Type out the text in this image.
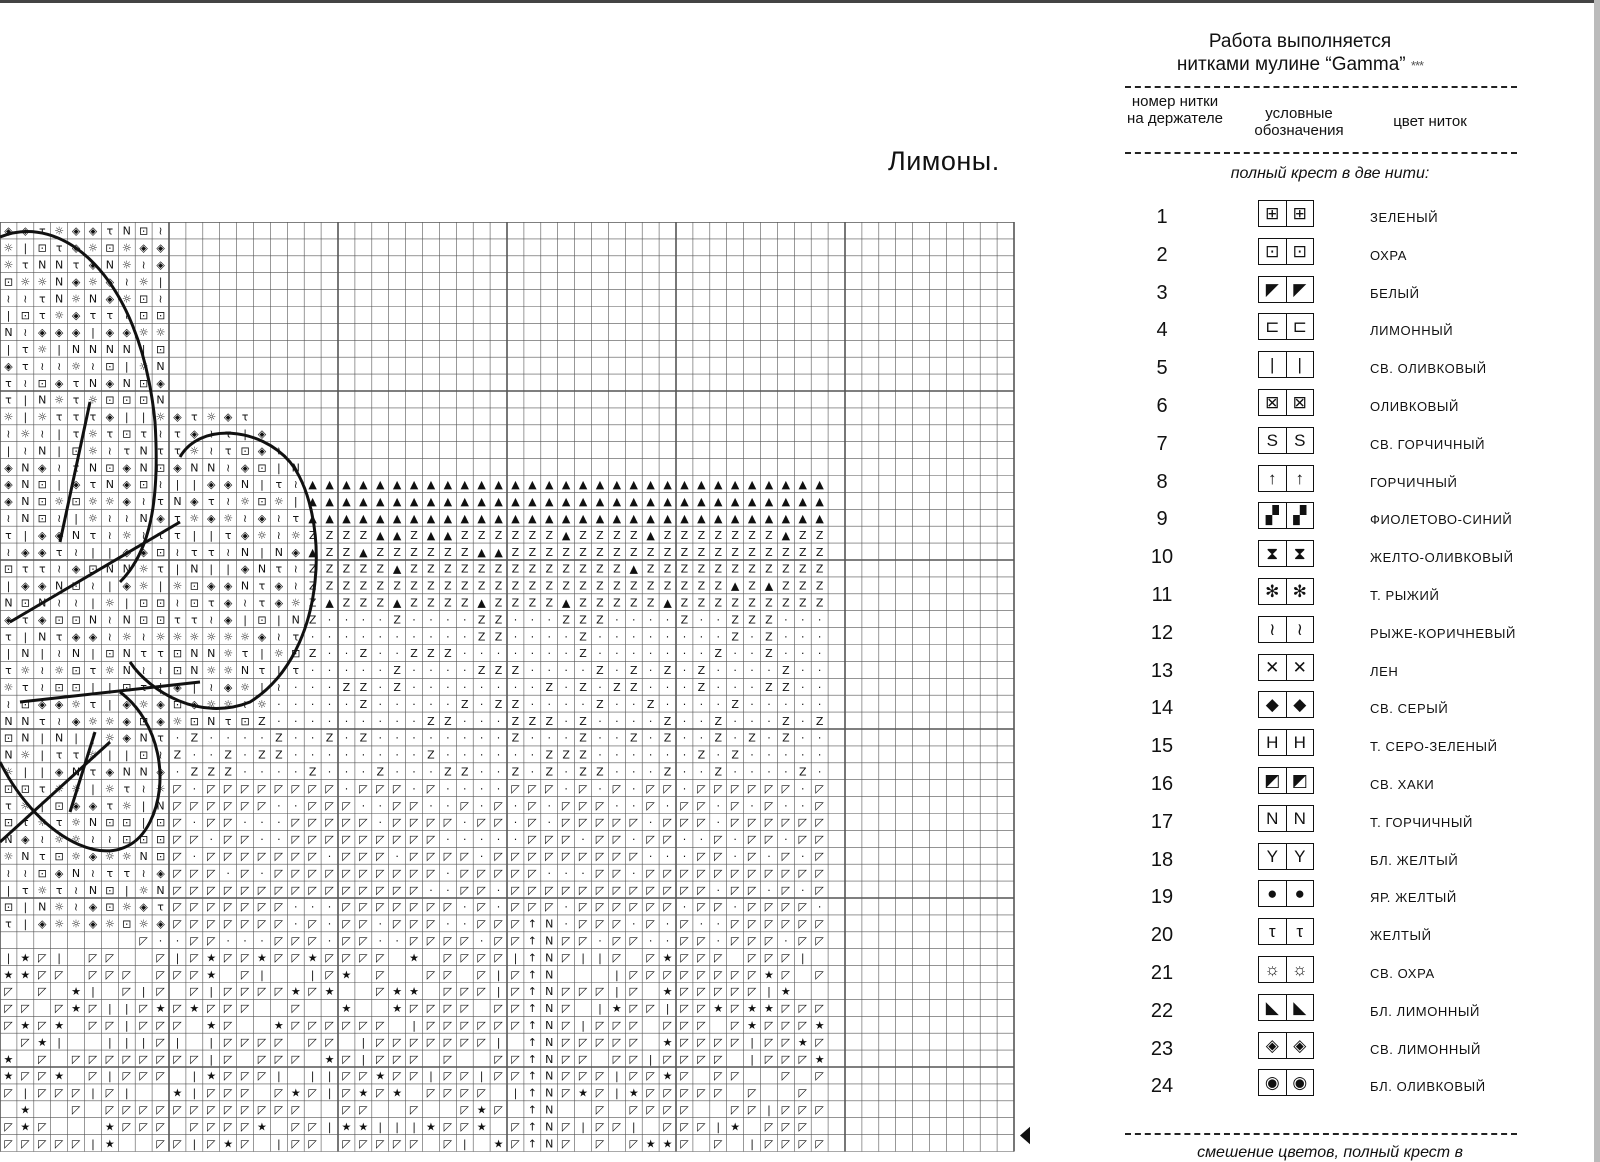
Лимоны.
◈ ◈ τ ☼ ◈ ◈ τ N ⊡ ≀
☼ | ⊡ τ ◈ ☼ ⊡ ☼ ◈ ◈
☼ τ N N τ ◈ N ☼ ≀ ◈
⊡ ☼ ☼ N ◈ ☼ ◈ ≀ ☼ |
≀ ≀ τ N ☼ N ◈ ☼ ⊡ ≀
| ⊡ τ ☼ ◈ τ τ ≀ ⊡ ⊡
N ≀ ◈ ◈ ◈ | ◈ ◈ ☼ ☼
| τ ☼ | N N N N | ⊡
◈ τ ≀ ≀ ☼ ≀ ⊡ | ☼ N
τ ≀ ⊡ ◈ τ N ◈ N ⊡ ◈
τ | N ☼ τ ☼ ⊡ ⊡ ⊡ N
☼ | ☼ τ τ τ ◈ | | ☼ ◈ τ ☼ ◈ τ
≀ ☼ ≀ | τ ☼ τ ⊡ τ ≀ τ ◈ ≀ τ | ◈
| ≀ N | ⊡ ☼ ≀ τ N τ τ ☼ ≀ τ ⊡ ◈ ≀
◈ N ◈ ≀ τ N ⊡ ◈ N ⊡ ◈ N N ≀ ◈ ⊡ | N
◈ N ⊡ | ◈ τ N ◈ ⊡ ≀ | | ◈ ◈ N | τ ≀ ▲ ▲ ▲ ▲ ▲ ▲ ▲ ▲ ▲ ▲ ▲ ▲ ▲ ▲ ▲ ▲ ▲ ▲ ▲ ▲ ▲ ▲ ▲ ▲ ▲ ▲ ▲ ▲ ▲ ▲ ▲
◈ N ⊡ ☼ ⊡ ☼ ☼ ◈ ≀ τ N ◈ τ ≀ ☼ ⊡ ☼ | ▲ ▲ ▲ ▲ ▲ ▲ ▲ ▲ ▲ ▲ ▲ ▲ ▲ ▲ ▲ ▲ ▲ ▲ ▲ ▲ ▲ ▲ ▲ ▲ ▲ ▲ ▲ ▲ ▲ ▲ ▲
≀ N ⊡ ≀ | ☼ ≀ ≀ N ◈ τ ☼ ◈ ☼ ≀ ◈ ≀ τ ▲ ▲ ▲ ▲ ▲ ▲ ▲ ▲ ▲ ▲ ▲ ▲ ▲ ▲ ▲ ▲ ▲ ▲ ▲ ▲ ▲ ▲ ▲ ▲ ▲ ▲ ▲ ▲ ▲ ▲ ▲
τ | ◈ ◈ N τ ≀ ☼ ≀ τ τ | | τ ◈ ☼ ≀ ☼ Z Z Z Z ▲ ▲ Z ▲ ▲ Z Z Z Z Z Z ▲ Z Z Z Z ▲ Z Z Z Z Z Z Z ▲ Z Z
≀ ◈ ◈ τ ≀ | | ◈ ◈ ⊡ ≀ τ τ ≀ N | N ◈ ▲ Z Z ▲ Z Z Z Z Z Z ▲ ▲ Z Z Z Z Z Z Z Z Z Z Z Z Z Z Z Z Z Z Z
⊡ τ τ ≀ ◈ ⊡ N N ☼ τ | N | | ◈ N τ ≀ Z Z Z Z Z ▲ Z Z Z Z Z Z Z Z Z Z Z Z Z ▲ Z Z Z Z Z Z Z Z Z Z Z
| ◈ ◈ N ⊡ ≀ | ◈ ☼ | ☼ ⊡ ◈ ◈ N τ ◈ ≀ Z Z Z Z Z Z Z Z Z Z Z Z Z Z Z Z Z Z Z Z Z Z Z Z Z ▲ Z ▲ Z Z Z
N ⊡ N ≀ ≀ | ☼ | ⊡ ⊡ ≀ ⊡ τ ◈ ≀ τ ◈ ☼ Z ▲ Z Z Z ▲ Z Z Z Z ▲ Z Z Z Z ▲ Z Z Z Z Z ▲ Z Z Z Z Z Z Z Z Z
◈ τ ◈ ⊡ ⊡ N ≀ N ⊡ ⊡ τ τ ≀ ◈ | ⊡ | N Z · · · · Z · · · · Z Z · · · Z Z Z · · · · Z · · Z Z Z · · ·
τ | N τ ◈ ◈ ≀ ☼ ≀ ☼ ☼ ☼ ☼ ☼ ☼ ◈ ≀ τ · · · · · · · · · · Z Z · · · · Z · · · · · · · · Z · Z · · ·
| N | ≀ N | ⊡ N τ τ ⊡ N N ☼ τ | ☼ ⊡ Z · · Z · · Z Z Z · · · · · · · Z · · · · · · · Z · · Z · · ·
τ ☼ ≀ ☼ ⊡ τ ☼ N ≀ ≀ ⊡ N ☼ ☼ N τ | τ · · · · · Z · · · · Z Z Z · · · · Z · Z · Z · Z · · · · Z · ·
☼ τ ≀ ⊡ ⊡ | | ⊡ τ | ◈ | ≀ ◈ ☼ | ≀ · · · Z Z · Z · · · · · · · · Z · Z · Z Z · · · Z · · · Z Z · ·
≀ ⊡ ◈ ◈ ☼ τ | ◈ ☼ ◈ ⊡ ◈ ☼ ☼ ≀ ☼ · · · · · Z · · · · · Z · Z Z · · · · Z · · Z · · · · Z · · · · ·
N N τ ≀ ◈ ☼ ☼ ◈ ⊡ ◈ ☼ ⊡ N τ ⊡ Z · · · · · · · · · Z Z · · · Z Z Z · Z · · · · Z · · Z · · · Z · Z
⊡ N | N | | ☼ ◈ N τ · Z · · · · Z · · Z · Z · · · · · · · · Z · · · Z · · Z · Z · · Z · Z · Z · ·
N ☼ | τ τ ☼ | | ⊡ ≀ Z · · Z · Z Z · · · · · · · · Z · · · · · · Z Z Z · · · · · · Z · Z · · · · ·
☼ | | ◈ N τ ◈ N N ◈ · Z Z Z · · · · Z · · · Z · · · Z Z · · Z · Z · Z Z · · · Z · · Z · · · · Z ·
⊡ ⊡ τ ☼ ☼ | ☼ τ ≀ ☼ ◸ · ◸ ◸ ◸ ◸ ◸ ◸ ◸ ◸ · ◸ ◸ ◸ · ◸ · · · · ◸ ◸ ◸ · ◸ · ◸ · ◸ ◸ · ◸ ◸ ◸ ◸ ◸ ◸ · ◸
τ ☼ | ⊡ ◈ ◈ τ ☼ | N ◸ ◸ ◸ ◸ ◸ ◸ · · ◸ ◸ ◸ · · ◸ ◸ · · ◸ · ◸ · ◸ · ◸ ◸ ◸ · · ◸ · ◸ ◸ · ◸ · ◸ · · ◸
⊡ τ ☼ τ ☼ N ⊡ ⊡ | ⊡ ◸ · ◸ ◸ · · · ◸ ◸ ◸ ◸ ◸ · ◸ ◸ ◸ ◸ · ◸ ◸ · ◸ · ◸ ◸ ◸ ◸ ◸ · ◸ ◸ ◸ · ◸ ◸ ◸ ◸ ◸ ◸
N ◈ ≀ ☼ ☼ ≀ ≀ ⊡ ⊡ ⊡ ◸ ◸ · ◸ ◸ · · ◸ ◸ ◸ ◸ ◸ ◸ ◸ ◸ ◸ · · · · · ◸ ◸ ◸ · ◸ ◸ · ◸ ◸ · · ◸ · ◸ ◸ · ◸ ◸
☼ N τ ⊡ ☼ ◈ ☼ ☼ N ⊡ ◸ · ◸ ◸ ◸ ◸ ◸ ◸ ◸ · ◸ ◸ ◸ · ◸ ◸ ◸ ◸ · ◸ ◸ ◸ ◸ ◸ ◸ ◸ ◸ ◸ · · · ◸ ◸ · ◸ · ◸ · ◸
≀ ≀ ⊡ ◈ N ≀ τ τ ≀ ◈ ◸ ◸ ◸ · ◸ · ◸ ◸ ◸ ◸ ◸ ◸ ◸ ◸ ◸ ◸ · ◸ ◸ ◸ ◸ ◸ · · · ◸ ◸ · ◸ ◸ ◸ ◸ ◸ ◸ ◸ ◸ ◸ ◸ ◸
| τ ☼ τ ≀ N ⊡ | ☼ N ◸ ◸ ◸ ◸ ◸ ◸ ◸ ◸ ◸ ◸ ◸ ◸ ◸ ◸ ◸ · · ◸ ◸ · ◸ ◸ ◸ ◸ ◸ ◸ ◸ ◸ ◸ ◸ ◸ ◸ · ◸ ◸ · ◸ · ◸
⊡ | N ☼ ≀ ◈ ⊡ ☼ ◈ τ ◸ ◸ ◸ ◸ ◸ ◸ ◸ · · · ◸ ◸ ◸ ◸ ◸ ◸ ◸ · ◸ · ◸ ◸ ◸ · ◸ ◸ ◸ ◸ ◸ ◸ · ◸ ◸ · ◸ ◸ ◸ ◸ ·
τ | ◈ ☼ ☼ ◈ ☼ ⊡ ☼ ◈ ◸ ◸ ◸ ◸ ◸ ◸ ◸ · ◸ · ◸ ◸ · ◸ ◸ ◸ · · ◸ ◸ ◸ ↑ N · ◸ ◸ ◸ · ◸ · ◸ · · ◸ ◸ ◸ ◸ ◸ ◸
◸ · · ◸ ◸ · · · ◸ ◸ ◸ · ◸ ◸ · · ◸ ◸ ◸ ◸ · ◸ ◸ ↑ N ◸ ◸ · ◸ ◸ · · ◸ ◸ · ◸ ◸ ◸ · ◸ ◸
| ★ ◸ |	◸ ◸	◸ | ◸ ★ ◸ ◸ ★ ◸ ◸ ★ ◸ ◸ ◸ ◸ ★ ◸ ◸ ◸ ◸ | ↑ N ◸ | | ◸ ◸ ★ ◸ ◸ ◸ ◸ ◸ ◸ |
★ ★ ◸ ◸ ◸ ◸ ◸ ◸ ◸ ◸ ★ ◸ |	| ◸ ★ ◸	◸ ◸ ◸ | ◸ ↑ N	| ◸ ◸ ◸ ◸ ◸ ◸ ◸ ◸ ★ ◸ ◸
◸ ◸ ★ |	◸ | ◸ ◸ | ◸ ◸ ◸ ◸ ★ ◸ ★	◸ ★ ★ ◸ ◸ ◸ | ◸ ↑ N ◸ ◸ ◸ | ◸ ★ ◸ ◸ ◸ ◸ ◸ | ★
◸ ◸ ◸ ★ ◸ | | ◸ ★ ◸ ★ ◸ ◸ ◸	◸	★	★ ◸ ◸ ◸ ◸ ◸ ◸ ↑ N ◸	| ★ ◸ ◸ | ◸ ◸ ★ ◸ ★ ★ ◸ ◸ ◸
◸ ★ ◸ ★ ◸ ◸ | ◸ ◸ ◸ ★ ◸	★ ◸ ◸ ◸ ◸ ◸ ◸	| ◸ ◸ ◸ ◸ ◸ ◸ ↑ N ◸ | ◸ ◸ ◸ ◸ ◸ ◸ ◸ ★ ◸ ◸ ◸ ★
◸ ★ |	| | | ◸ |	| ◸ ◸ ◸ ◸ ◸ ◸	| ◸ ◸ ◸ ◸ ◸ ◸ ◸ | ↑ N ◸ ◸ ◸ ◸ ◸ ★ ◸ ◸ ◸ ◸ | ◸ ◸ ★ ◸
★ ◸ ◸ ◸ ◸ ◸ ◸ ◸ ◸ ◸ | ◸ ◸ ◸ ◸ ★ ◸ | ◸ ◸ ◸ ◸	◸ ◸ ↑ N ◸ ◸ ◸ ◸ | ◸ ◸ ◸ ◸	| ◸ ◸ ◸ ★
★ ◸ ◸ ★ ◸ | ◸ ◸ ◸	| ★ ◸ ◸ ◸ |	| | ◸ ◸ ★ ◸ ◸ | ◸ ◸ | ◸ ◸ ↑ N ◸ ◸ ◸ | ◸ ◸ ★ ◸ ◸ ◸	◸ ◸
◸ | ◸ ◸ ◸ | ◸ |	★ | ◸ ◸ ◸ ◸ ★ ◸ | ◸ ★ ◸ ★ ◸ ◸ ◸ ◸	| ↑ N ◸ ★ ◸ | ★ ◸ ◸ ◸ ◸ ◸ ◸	◸
★	◸ ◸ ◸ ◸ ◸ ◸ ◸ ◸ ◸ ◸ ◸ ◸ ◸	◸ ◸	◸	◸ ★ ◸ ↑ N	◸ ◸ ◸ ◸ ◸	◸ ◸ | ◸ ◸ ◸
◸ ★ ◸	★ ◸ ◸ ◸ ◸ ◸ ◸ ◸ ★ ◸ ◸ | ★ ★ | | | ★ ◸ ◸ ★ ◸ ↑ N ◸ | ◸ ◸ |	◸ ◸ ◸ | ★ ◸ ◸ ◸
◸ ◸ ◸ ◸ ◸ | ★	◸ ◸ | ◸ ★ ◸	| ◸ ◸ ◸ ◸ ◸ ◸ ◸ ◸ | ★ ◸ ↑ N ◸ ◸ ◸ ★ ★ ◸ ◸	| ◸ ◸ ◸ ◸
Работа выполняется
нитками мулине “Gamma” ***
номер нитки на держателе	условные обозначения
цвет ниток
полный крест в две нити:
1	⊞ ⊞	ЗЕЛЕНЫЙ
2	⊡ ⊡	ОХРА
3	◤ ◤	БЕЛЫЙ
4	⊏ ⊏	ЛИМОННЫЙ
5	|	|	СВ. ОЛИВКОВЫЙ
6	⊠ ⊠	ОЛИВКОВЫЙ
7	S S	СВ. ГОРЧИЧНЫЙ
8	↑	↑	ГОРЧИЧНЫЙ
9	▞ ▞	ФИОЛЕТОВО-СИНИЙ
10	⧗ ⧗	ЖЕЛТО-ОЛИВКОВЫЙ
11	✻ ✻	Т. РЫЖИЙ
12	≀	≀	РЫЖЕ-КОРИЧНЕВЫЙ
13	✕ ✕	ЛЕН
14	◆ ◆	СВ. СЕРЫЙ
15	H H	Т. СЕРО-ЗЕЛЕНЫЙ
16	◩ ◩	СВ. ХАКИ
17	N N	Т. ГОРЧИЧНЫЙ
18	Y Y	БЛ. ЖЕЛТЫЙ
19	●	●	ЯР. ЖЕЛТЫЙ
20	τ	τ	ЖЕЛТЫЙ
21	☼ ☼	СВ. ОХРА
22	◣ ◣	БЛ. ЛИМОННЫЙ
23	◈ ◈	СВ. ЛИМОННЫЙ
24	◉ ◉	БЛ. ОЛИВКОВЫЙ
смешение цветов, полный крест в
